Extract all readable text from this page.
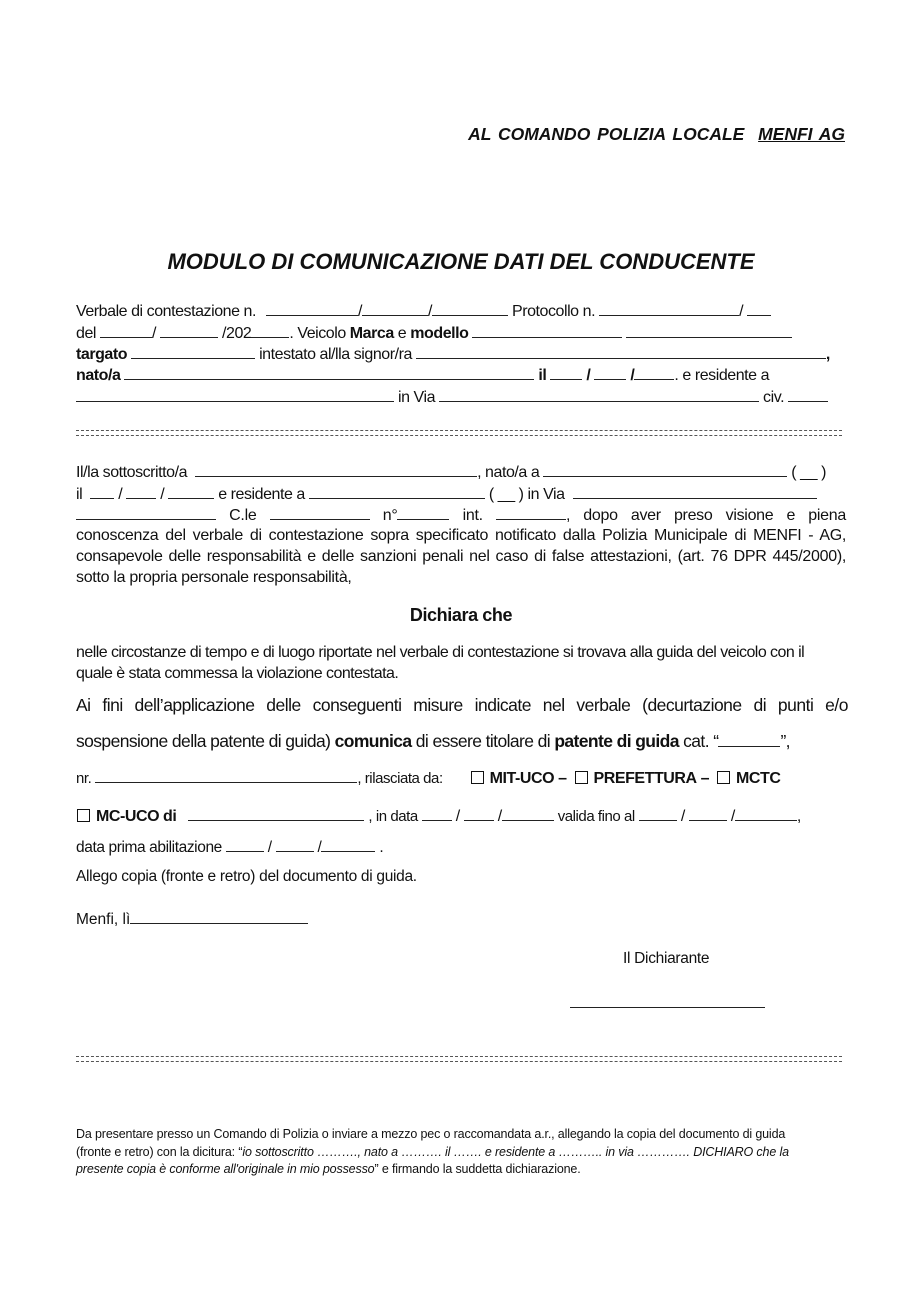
AL COMANDO POLIZIA LOCALE MENFI AG
MODULO DI COMUNICAZIONE DATI DEL CONDUCENTE
Verbale di contestazione n.	/	/	Protocollo n.	/
del	/	/202 . Veicolo Marca e modello
targato	intestato al/lla signor/ra	,
nato/a	il	/	/	. e residente a
in Via	civ.
Il/la sottoscritto/a	, nato/a a	( __ )
il / /	e residente a	( __ ) in Via
C.le	n°	int.	, dopo aver preso visione e piena
conoscenza del verbale di contestazione sopra specificato notificato dalla Polizia Municipale di MENFI - AG,
consapevole delle responsabilità e delle sanzioni penali nel caso di false attestazioni, (art. 76 DPR 445/2000),
sotto la propria personale responsabilità,
Dichiara che
nelle circostanze di tempo e di luogo riportate nel verbale di contestazione si trovava alla guida del veicolo con il
quale è stata commessa la violazione contestata.
Ai fini dell’applicazione delle conseguenti misure indicate nel verbale (decurtazione di punti e/o
sospensione della patente di guida) comunica di essere titolare di patente di guida cat. “	”,
nr.	, rilasciata da:	MIT-UCO – PREFETTURA – MCTC
MC-UCO di	, in data / /	valida fino al	/	/	,
data prima abilitazione	/	/	.
Allego copia (fronte e retro) del documento di guida.
Menfi, lì
Il Dichiarante
Da presentare presso un Comando di Polizia o inviare a mezzo pec o raccomandata a.r., allegando la copia del documento di guida
(fronte e retro) con la dicitura: “io sottoscritto ………., nato a ………. il ……. e residente a ……….. in via …………. DICHIARO che la
presente copia è conforme all'originale in mio possesso” e firmando la suddetta dichiarazione.
